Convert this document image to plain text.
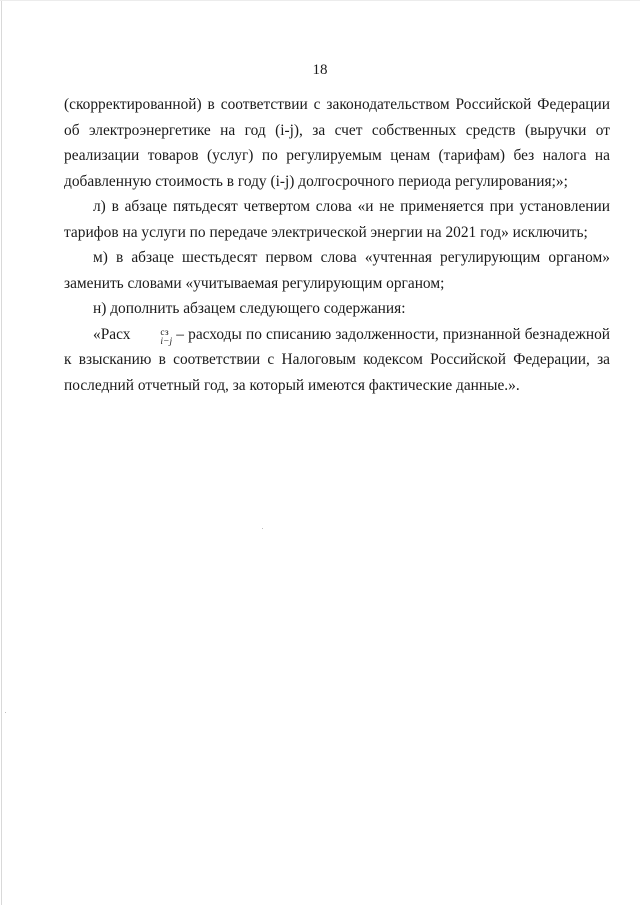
18

(скорректированной) в соответствии с законодательством Российской Федерации об электроэнергетике на год (i-j), за счет собственных средств (выручки от реализации товаров (услуг) по регулируемым ценам (тарифам) без налога на добавленную стоимость в году (i-j) долгосрочного периода регулирования;»;

л) в абзаце пятьдесят четвертом слова «и не применяется при установлении тарифов на услуги по передаче электрической энергии на 2021 год» исключить;

м) в абзаце шестьдесят первом слова «учтенная регулирующим органом» заменить словами «учитываемая регулирующим органом;

н) дополнить абзацем следующего содержания:

«Расх	сз
i−j – расходы по списанию задолженности, признанной безнадежной к взысканию в соответствии с Налоговым кодексом Российской Федерации, за последний отчетный год, за который имеются фактические данные.».
